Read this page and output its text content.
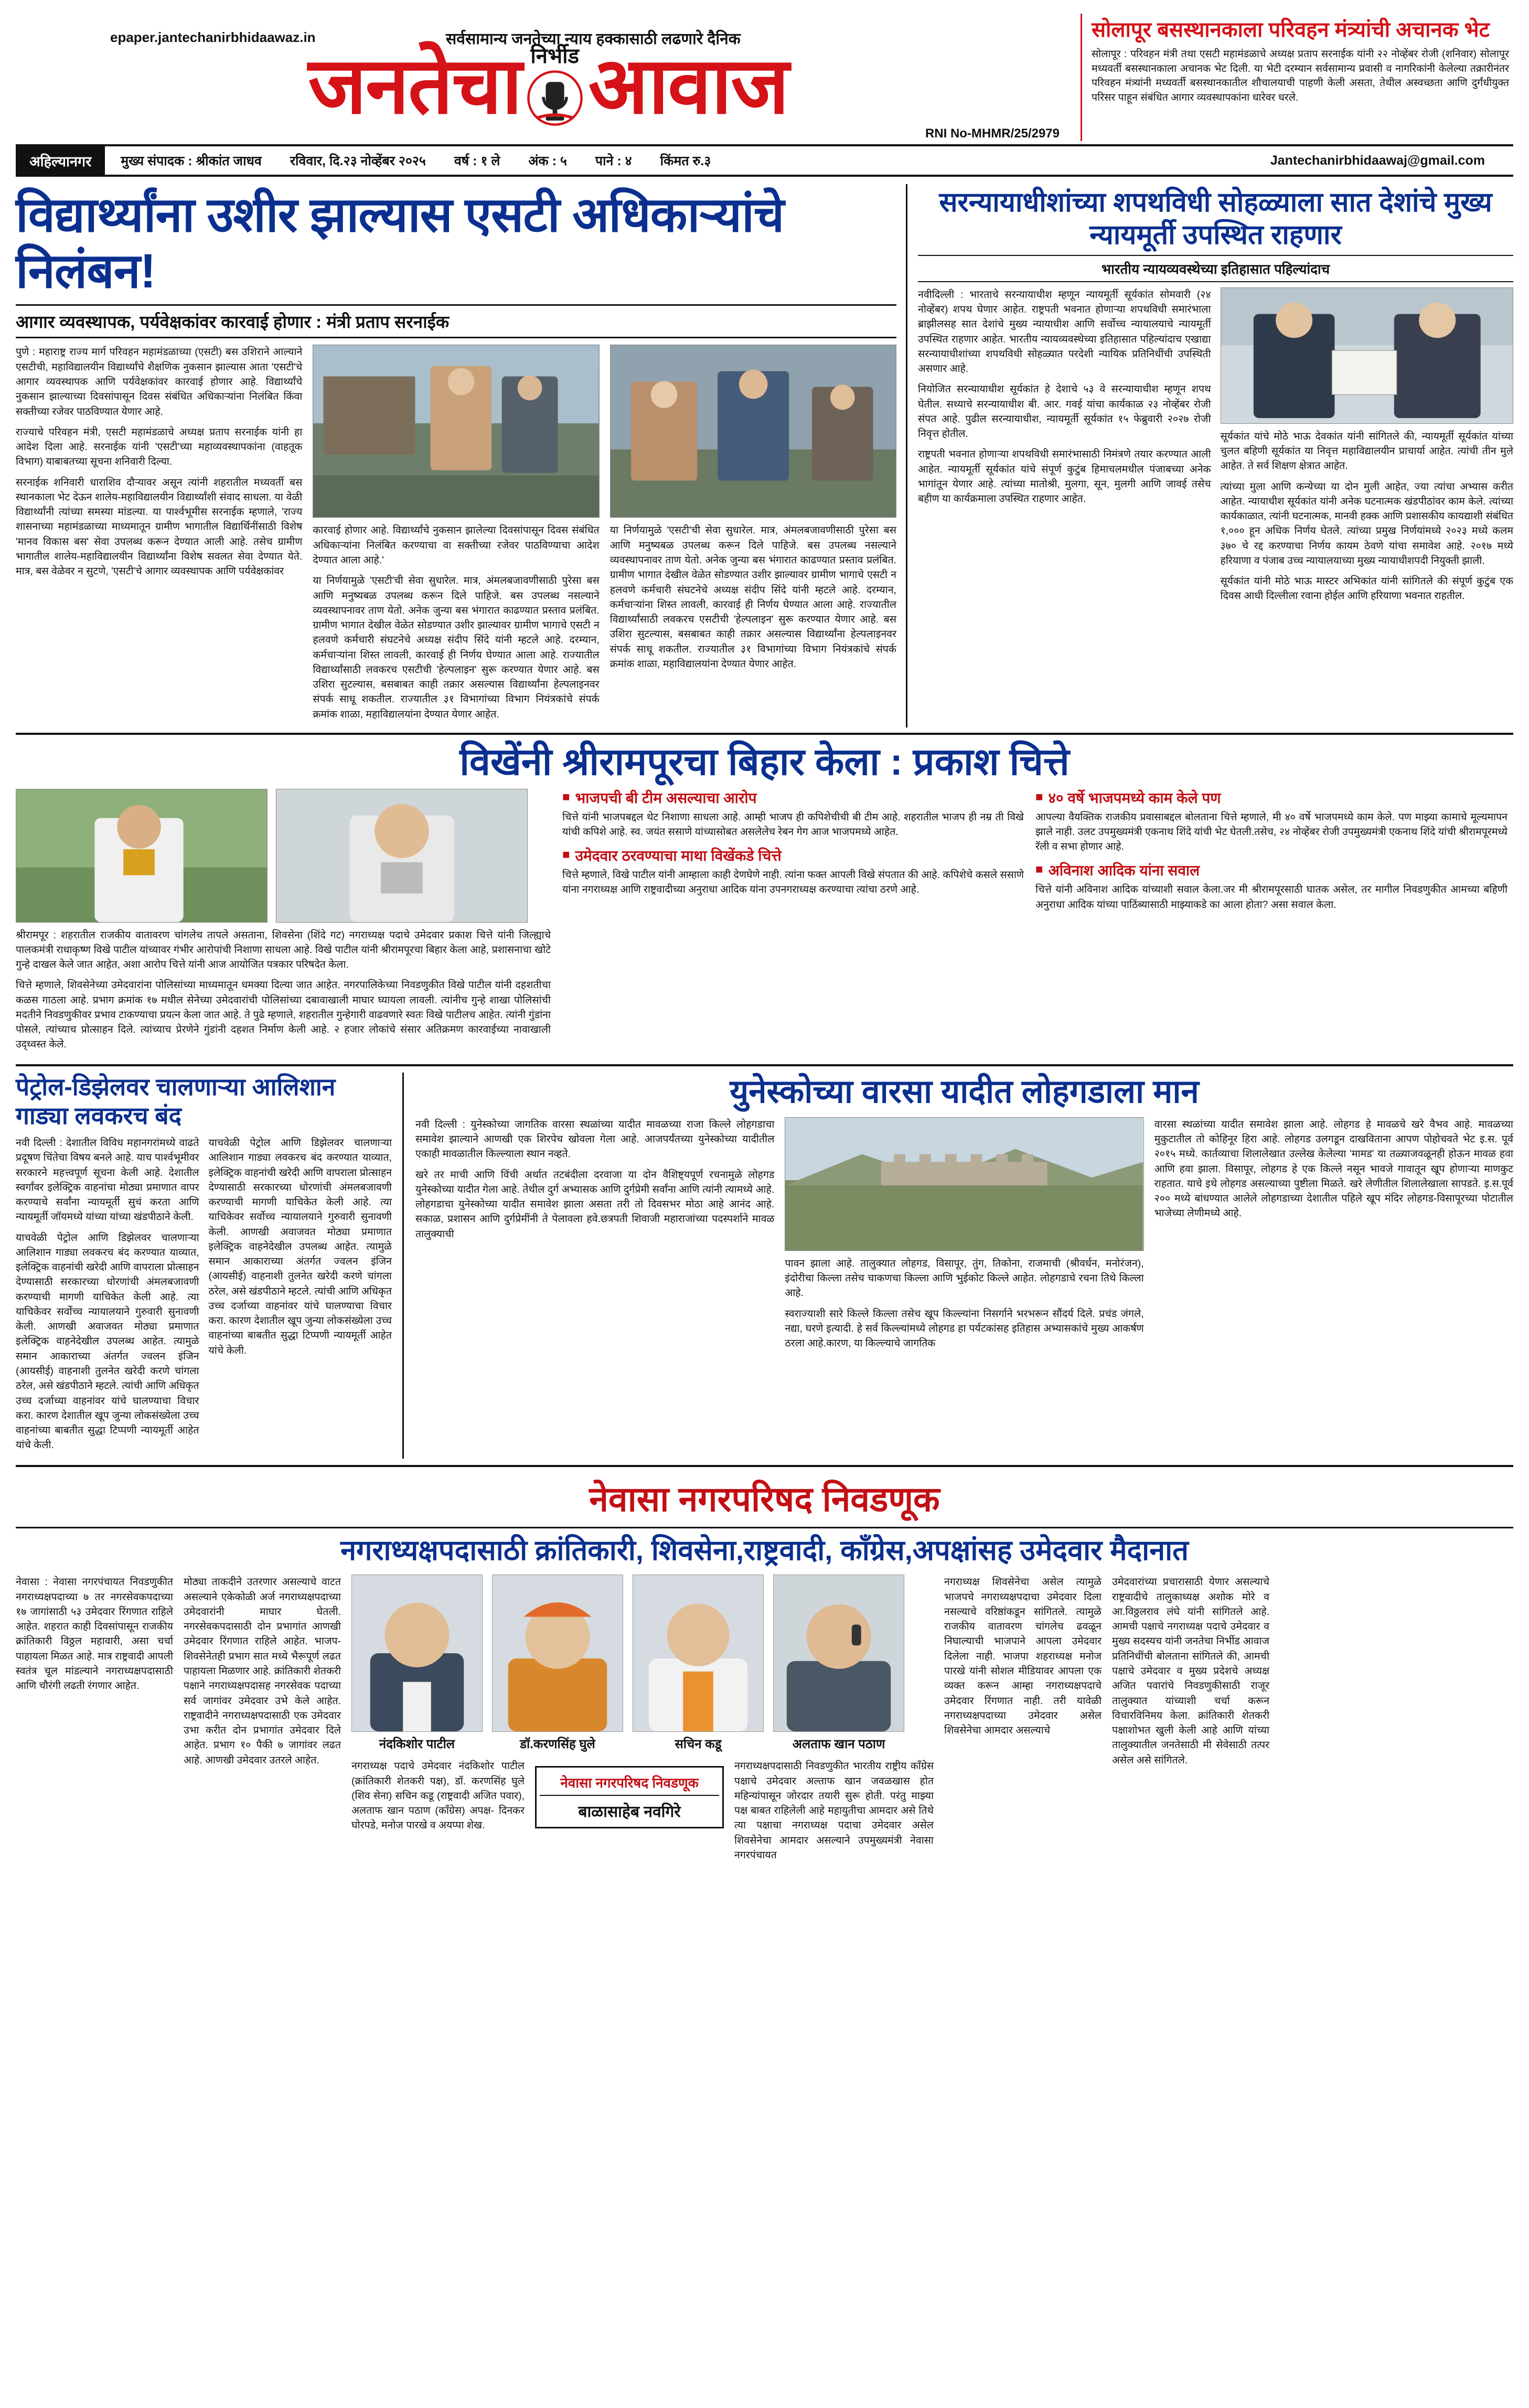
epaper.jantechanirbhidaawaz.in	सर्वसामान्य जनतेच्या न्याय हक्कासाठी लढणारे दैनिक
जनतेचा निर्भीड आवाज
RNI No-MHMR/25/2979
सोलापूर बसस्थानकाला परिवहन मंत्र्यांची अचानक भेट
सोलापूर : परिवहन मंत्री तथा एसटी महामंडळाचे अध्यक्ष प्रताप सरनाईक यांनी २२ नोव्हेंबर रोजी (शनिवार) सोलापूर मध्यवर्ती बसस्थानकाला अचानक भेट दिली. या भेटी दरम्यान सर्वसामान्य प्रवासी व नागरिकांनी केलेल्या तक्रारीनंतर परिवहन मंत्र्यांनी मध्यवर्ती बसस्थानकातील शौचालयाची पाहणी केली असता, तेथील अस्वच्छता आणि दुर्गंधीयुक्त परिसर पाहून संबंधित आगार व्यवस्थापकांना धारेवर धरले.
अहिल्यानगर	मुख्य संपादक : श्रीकांत जाधव रविवार, दि.२३ नोव्हेंबर २०२५ वर्ष : १ ले अंक : ५ पाने : ४ किंमत रु.३	Jantechanirbhidaawaj@gmail.com
विद्यार्थ्यांना उशीर झाल्यास एसटी अधिकाऱ्यांचे निलंबन!
आगार व्यवस्थापक, पर्यवेक्षकांवर कारवाई होणार : मंत्री प्रताप सरनाईक

पुणे : महाराष्ट्र राज्य मार्ग परिवहन महामंडळाच्या (एसटी) बस उशिराने आल्याने एसटीची, महाविद्यालयीन विद्यार्थ्यांचे शैक्षणिक नुकसान झाल्यास आता 'एसटी'चे आगार व्यवस्थापक आणि पर्यवेक्षकांवर कारवाई होणार आहे. विद्यार्थ्यांचे नुकसान झाल्याच्या दिवसांपासून दिवस संबंधित अधिकाऱ्यांना निलंबित किंवा सक्तीच्या रजेवर पाठविण्यात येणार आहे.

राज्याचे परिवहन मंत्री, एसटी महामंडळाचे अध्यक्ष प्रताप सरनाईक यांनी हा आदेश दिला आहे. सरनाईक यांनी 'एसटी'च्या महाव्यवस्थापकांना (वाहतूक विभाग) याबाबतच्या सूचना शनिवारी दिल्या.

सरनाईक शनिवारी धाराशिव दौऱ्यावर असून त्यांनी शहरातील मध्यवर्ती बस स्थानकाला भेट देऊन शालेय-महाविद्यालयीन विद्यार्थ्यांशी संवाद साधला. या वेळी विद्यार्थ्यांनी त्यांच्या समस्या मांडल्या. या पार्श्वभूमीस सरनाईक म्हणाले, 'राज्य शासनाच्या महामंडळाच्या माध्यमातून ग्रामीण भागातील विद्यार्थिनींसाठी विशेष 'मानव विकास बस' सेवा उपलब्ध करून देण्यात आली आहे. तसेच ग्रामीण भागातील शालेय-महाविद्यालयीन विद्यार्थ्यांना विशेष सवलत सेवा देण्यात येते. मात्र, बस वेळेवर न सुटणे, 'एसटी'चे आगार व्यवस्थापक आणि पर्यवेक्षकांवर

कारवाई होणार आहे. विद्यार्थ्यांचे नुकसान झालेल्या दिवसांपासून दिवस संबंधित अधिकाऱ्यांना निलंबित करण्याचा वा सक्तीच्या रजेवर पाठविण्याचा आदेश देण्यात आला आहे.'

या निर्णयामुळे 'एसटी'ची सेवा सुधारेल. मात्र, अंमलबजावणीसाठी पुरेसा बस आणि मनुष्यबळ उपलब्ध करून दिले पाहिजे. बस उपलब्ध नसल्याने व्यवस्थापनावर ताण येतो. अनेक जुन्या बस भंगारात काढण्यात प्रस्ताव प्रलंबित. ग्रामीण भागात देखील वेळेत सोडण्यात उशीर झाल्यावर ग्रामीण भागाचे एसटी न हलवणे कर्मचारी संघटनेचे अध्यक्ष संदीप सिंदे यांनी म्हटले आहे. दरम्यान, कर्मचाऱ्यांना शिस्त लावली, कारवाई ही निर्णय घेण्यात आला आहे. राज्यातील विद्यार्थ्यांसाठी लवकरच एसटीची 'हेल्पलाइन' सुरू करण्यात येणार आहे. बस उशिरा सुटल्यास, बसबाबत काही तक्रार असल्यास विद्यार्थ्यांना हेल्पलाइनवर संपर्क साधू शकतील. राज्यातील ३१ विभागांच्या विभाग नियंत्रकांचे संपर्क क्रमांक शाळा, महाविद्यालयांना देण्यात येणार आहेत.

या निर्णयामुळे 'एसटी'ची सेवा सुधारेल. मात्र, अंमलबजावणीसाठी पुरेसा बस आणि मनुष्यबळ उपलब्ध करून दिले पाहिजे. बस उपलब्ध नसल्याने व्यवस्थापनावर ताण येतो. अनेक जुन्या बस भंगारात काढण्यात प्रस्ताव प्रलंबित. ग्रामीण भागात देखील वेळेत सोडण्यात उशीर झाल्यावर ग्रामीण भागाचे एसटी न हलवणे कर्मचारी संघटनेचे अध्यक्ष संदीप सिंदे यांनी म्हटले आहे. दरम्यान, कर्मचाऱ्यांना शिस्त लावली, कारवाई ही निर्णय घेण्यात आला आहे. राज्यातील विद्यार्थ्यांसाठी लवकरच एसटीची 'हेल्पलाइन' सुरू करण्यात येणार आहे. बस उशिरा सुटल्यास, बसबाबत काही तक्रार असल्यास विद्यार्थ्यांना हेल्पलाइनवर संपर्क साधू शकतील. राज्यातील ३१ विभागांच्या विभाग नियंत्रकांचे संपर्क क्रमांक शाळा, महाविद्यालयांना देण्यात येणार आहेत.

सरन्यायाधीशांच्या शपथविधी सोहळ्याला सात देशांचे मुख्य न्यायमूर्ती उपस्थित राहणार
भारतीय न्यायव्यवस्थेच्या इतिहासात पहिल्यांदाच

नवीदिल्ली : भारताचे सरन्यायाधीश म्हणून न्यायमूर्ती सूर्यकांत सोमवारी (२४ नोव्हेंबर) शपथ घेणार आहेत. राष्ट्रपती भवनात होणाऱ्या शपथविधी समारंभाला ब्राझीलसह सात देशांचे मुख्य न्यायाधीश आणि सर्वोच्च न्यायालयाचे न्यायमूर्ती उपस्थित राहणार आहेत. भारतीय न्यायव्यवस्थेच्या इतिहासात पहिल्यांदाच एखाद्या सरन्यायाधीशांच्या शपथविधी सोहळ्यात परदेशी न्यायिक प्रतिनिधींची उपस्थिती असणार आहे.

नियोजित सरन्यायाधीश सूर्यकांत हे देशाचे ५३ वे सरन्यायाधीश म्हणून शपथ घेतील. सध्याचे सरन्यायाधीश बी. आर. गवई यांचा कार्यकाळ २३ नोव्हेंबर रोजी संपत आहे. पुढील सरन्यायाधीश, न्यायमूर्ती सूर्यकांत १५ फेब्रुवारी २०२७ रोजी निवृत्त होतील.

राष्ट्रपती भवनात होणाऱ्या शपथविधी समारंभासाठी निमंत्रणे तयार करण्यात आली आहेत. न्यायमूर्ती सूर्यकांत यांचे संपूर्ण कुटुंब हिमाचलमधील पंजाबच्या अनेक भागांतून येणार आहे. त्यांच्या मातोश्री, मुलगा, सून, मुलगी आणि जावई तसेच बहीण या कार्यक्रमाला उपस्थित राहणार आहेत.

सूर्यकांत यांचे मोठे भाऊ देवकांत यांनी सांगितले की, न्यायमूर्ती सूर्यकांत यांच्या चुलत बहिणी सूर्यकांत या निवृत्त महाविद्यालयीन प्राचार्या आहेत. त्यांची तीन मुले आहेत. ते सर्व शिक्षण क्षेत्रात आहेत.

त्यांच्या मुला आणि कन्येच्या या दोन मुली आहेत, ज्या त्यांचा अभ्यास करीत आहेत. न्यायाधीश सूर्यकांत यांनी अनेक घटनात्मक खंडपीठांवर काम केले. त्यांच्या कार्यकाळात, त्यांनी घटनात्मक, मानवी हक्क आणि प्रशासकीय कायद्याशी संबंधित १,००० हून अधिक निर्णय घेतले. त्यांच्या प्रमुख निर्णयांमध्ये २०२३ मध्ये कलम ३७० चे रद्द करण्याचा निर्णय कायम ठेवणे यांचा समावेश आहे. २०१७ मध्ये हरियाणा व पंजाब उच्च न्यायालयाच्या मुख्य न्यायाधीशपदी नियुक्ती झाली.

सूर्यकांत यांनी मोठे भाऊ मास्टर अभिकांत यांनी सांगितले की संपूर्ण कुटुंब एक दिवस आधी दिल्लीला रवाना होईल आणि हरियाणा भवनात राहतील.

विखेंनी श्रीरामपूरचा बिहार केला : प्रकाश चित्ते

श्रीरामपूर : शहरातील राजकीय वातावरण चांगलेच तापले असताना, शिवसेना (शिंदे गट) नगराध्यक्ष पदाचे उमेदवार प्रकाश चित्ते यांनी जिल्ह्याचे पालकमंत्री राधाकृष्ण विखे पाटील यांच्यावर गंभीर आरोपांची निशाणा साधला आहे. विखे पाटील यांनी श्रीरामपूरचा बिहार केला आहे, प्रशासनाचा खोटे गुन्हे दाखल केले जात आहेत, अशा आरोप चित्ते यांनी आज आयोजित पत्रकार परिषदेत केला.

चित्ते म्हणाले, शिवसेनेच्या उमेदवारांना पोलिसांच्या माध्यमातून धमक्या दिल्या जात आहेत. नगरपालिकेच्या निवडणुकीत विखे पाटील यांनी दहशतीचा कळस गाठला आहे. प्रभाग क्रमांक १७ मधील सेनेच्या उमेदवारांची पोलिसांच्या दबावाखाली माघार घ्यायला लावली. त्यांनीच गुन्हे शाखा पोलिसांची मदतीने निवडणुकीवर प्रभाव टाकण्याचा प्रयत्न केला जात आहे. ते पुढे म्हणाले, शहरातील गुन्हेगारी वाढवणारे स्वतः विखे पाटीलच आहेत. त्यांनी गुंडांना पोसले, त्यांच्याच प्रोत्साहन दिले. त्यांच्याच प्रेरणेने गुंडांनी दहशत निर्माण केली आहे. २ हजार लोकांचे संसार अतिक्रमण कारवाईच्या नावाखाली उद्ध्वस्त केले.

■ भाजपची बी टीम असल्याचा आरोप
चित्ते यांनी भाजपबद्दल थेट निशाणा साधला आहे. आम्ही भाजप ही कपिशेचीची बी टीम आहे. शहरातील भाजप ही नम्र ती विखे यांची कपिशे आहे. स्व. जयंत ससाणे यांच्यासोबत असलेलेच रेबन गेग आज भाजपमध्ये आहेत.
■ उमेदवार ठरवण्याचा माथा विखेंकडे चित्ते
चित्ते म्हणाले, विखे पाटील यांनी आम्हाला काही देणघेणे नाही. त्यांना फक्त आपली विखे संपतात की आहे. कपिशेचे कसले ससाणे यांना नगराध्यक्ष आणि राष्ट्रवादीच्या अनुराधा आदिक यांना उपनगराध्यक्ष करण्याचा त्यांचा ठरणे आहे.
■ ४० वर्षे भाजपमध्ये काम केले पण
आपल्या वैयक्तिक राजकीय प्रवासाबद्दल बोलताना चित्ते म्हणाले, मी ४० वर्षे भाजपमध्ये काम केले. पण माझ्या कामाचे मूल्यमापन झाले नाही. उलट उपमुख्यमंत्री एकनाथ शिंदे यांची भेट घेतली.तसेच, २४ नोव्हेंबर रोजी उपमुख्यमंत्री एकनाथ शिंदे यांची श्रीरामपूरमध्ये रॅली व सभा होणार आहे.
■ अविनाश आदिक यांना सवाल
चित्ते यांनी अविनाश आदिक यांच्याशी सवाल केला.जर मी श्रीरामपूरसाठी घातक असेल, तर मागील निवडणुकीत आमच्या बहिणी अनुराधा आदिक यांच्या पाठिंब्यासाठी माझ्याकडे का आला होता? असा सवाल केला.
पेट्रोल-डिझेलवर चालणाऱ्या आलिशान गाड्या लवकरच बंद

नवी दिल्ली : देशातील विविध महानगरांमध्ये वाढते प्रदूषण चिंतेचा विषय बनले आहे. याच पार्श्वभूमीवर सरकारने महत्त्वपूर्ण सूचना केली आहे. देशातील स्वर्गांवर इलेक्ट्रिक वाहनांचा मोठ्या प्रमाणात वापर करण्याचे सर्वांना न्यायमूर्ती सुचं करता आणि न्यायमूर्ती जॉयमध्ये यांच्या यांच्या खंडपीठाने केली.

याचवेळी पेट्रोल आणि डिझेलवर चालणाऱ्या आलिशान गाड्या लवकरच बंद करण्यात याव्यात, इलेक्ट्रिक वाहनांची खरेदी आणि वापराला प्रोत्साहन देण्यासाठी सरकारच्या धोरणांची अंमलबजावणी करण्याची मागणी याचिकेत केली आहे. त्या याचिकेवर सर्वोच्च न्यायालयाने गुरुवारी सुनावणी केली. आणखी अवाजवत मोठ्या प्रमाणात इलेक्ट्रिक वाहनेदेखील उपलब्ध आहेत. त्यामुळे समान आकाराच्या अंतर्गत ज्वलन इंजिन (आयसीई) वाहनाशी तुलनेत खरेदी करणे चांगला ठरेल, असे खंडपीठाने म्हटले. त्यांची आणि अधिकृत उच्च दर्जाच्या वाहनांवर यांचे घालण्याचा विचार करा. कारण देशातील खूप जुन्या लोकसंख्येला उच्च वाहनांच्या बाबतीत सुद्धा टिप्पणी न्यायमूर्ती आहेत यांचे केली.

याचवेळी पेट्रोल आणि डिझेलवर चालणाऱ्या आलिशान गाड्या लवकरच बंद करण्यात याव्यात, इलेक्ट्रिक वाहनांची खरेदी आणि वापराला प्रोत्साहन देण्यासाठी सरकारच्या धोरणांची अंमलबजावणी करण्याची मागणी याचिकेत केली आहे. त्या याचिकेवर सर्वोच्च न्यायालयाने गुरुवारी सुनावणी केली. आणखी अवाजवत मोठ्या प्रमाणात इलेक्ट्रिक वाहनेदेखील उपलब्ध आहेत. त्यामुळे समान आकाराच्या अंतर्गत ज्वलन इंजिन (आयसीई) वाहनाशी तुलनेत खरेदी करणे चांगला ठरेल, असे खंडपीठाने म्हटले. त्यांची आणि अधिकृत उच्च दर्जाच्या वाहनांवर यांचे घालण्याचा विचार करा. कारण देशातील खूप जुन्या लोकसंख्येला उच्च वाहनांच्या बाबतीत सुद्धा टिप्पणी न्यायमूर्ती आहेत यांचे केली.

युनेस्कोच्या वारसा यादीत लोहगडाला मान

नवी दिल्ली : युनेस्कोच्या जागतिक वारसा स्थळांच्या यादीत मावळच्या राजा किल्ले लोहगडाचा समावेश झाल्याने आणखी एक शिरपेच खोवला गेला आहे. आजपर्यंतच्या युनेस्कोच्या यादीतील एकाही मावळातील किल्ल्याला स्थान नव्हते.

खरे तर माची आणि विंची अर्थात तटबंदीला दरवाजा या दोन वैशिष्ट्यपूर्ण रचनामुळे लोहगड युनेस्कोच्या यादीत गेला आहे. तेथील दुर्ग अभ्यासक आणि दुर्गप्रेमी सर्वांना आणि त्यांनी त्यामध्ये आहे. लोहगडाचा युनेस्कोच्या यादीत समावेश झाला असता तरी तो दिवसभर मोठा आहे आनंद आहे. सकाळ, प्रशासन आणि दुर्गप्रेमींनी ते पेलावला हवे.छत्रपती शिवाजी महाराजांच्या पदस्पर्शाने मावळ तालुक्याची

पावन झाला आहे. तालुक्यात लोहगड, विसापूर, तुंग, तिकोना, राजमाची (श्रीवर्धन, मनोरंजन), इंदोरीचा किल्ला तसेच चाकणचा किल्ला आणि भुईकोट किल्ले आहेत. लोहगडाचे रचना तिथे किल्ला आहे.

स्वराज्याशी सारे किल्ले किल्ला तसेच खूप किल्ल्यांना निसर्गाने भरभरून सौंदर्य दिले. प्रचंड जंगले, नद्या, घरणे इत्यादी. हे सर्व किल्ल्यांमध्ये लोहगड हा पर्यटकांसह इतिहास अभ्यासकांचे मुख्य आकर्षण ठरला आहे.कारण, या किल्ल्याचे जागतिक

वारसा स्थळांच्या यादीत समावेश झाला आहे. लोहगड हे मावळचे खरे वैभव आहे. मावळच्या मुकुटातील तो कोहिनूर हिरा आहे. लोहगड उलगडून दाखविताना आपण पोहोचवते भेट इ.स. पूर्व २०१५ मध्ये. कार्तव्याचा शिलालेखात उल्लेख केलेल्या 'मामड' या तळ्याजवळूनही होऊन मावळ हवा आणि हवा झाला. विसापूर, लोहगड हे एक किल्ले नसून भावजे गावातून खूप होणाऱ्या माणकुट राहतात. याचे इथे लोहगड असल्याच्या पुष्टीला मिळते. खरे लेणीतील शिलालेखाला सापडते. इ.स.पूर्व २०० मध्ये बांधण्यात आलेले लोहगडाच्या देशातील पहिले खूप मंदिर लोहगड-विसापूरच्या पोटातील भाजेच्या लेणीमध्ये आहे.

नेवासा नगरपरिषद निवडणूक
नगराध्यक्षपदासाठी क्रांतिकारी, शिवसेना,राष्ट्रवादी, काँग्रेस,अपक्षांसह उमेदवार मैदानात

नेवासा : नेवासा नगरपंचायत निवडणुकीत नगराध्यक्षपदाच्या ७ तर नगरसेवकपदाच्या १७ जागांसाठी ५३ उमेदवार रिंगणात राहिले आहेत. शहरात काही दिवसांपासून राजकीय क्रांतिकारी विठ्ठल महावारी, असा चर्चा पाहायला मिळत आहे. मात्र राष्ट्रवादी आपली स्वतंत्र चूल मांडल्याने नगराध्यक्षपदासाठी आणि चौरंगी लढती रंगणार आहेत.

मोठ्या ताकदीने उतरणार असल्याचे वाटत असल्याने एकेकोळी अर्ज नगराध्यक्षपदाच्या उमेदवारांनी माघार घेतली. नगरसेवकपदासाठी दोन प्रभागांत आणखी उमेदवार रिंगणात राहिले आहेत. भाजप-शिवसेनेतही प्रभाग सात मध्ये भैरूपूर्ण लढत पाहायला मिळणार आहे. क्रांतिकारी शेतकरी पक्षाने नगराध्यक्षपदासह नगरसेवक पदाच्या सर्व जागांवर उमेदवार उभे केले आहेत. राष्ट्रवादीने नगराध्यक्षपदासाठी एक उमेदवार उभा करीत दोन प्रभागांत उमेदवार दिले आहेत. प्रभाग १० पैकी ७ जागांवर लढत आहे. आणखी उमेदवार उतरले आहेत.

नंदकिशोर पाटील	डॉ.करणसिंह घुले	सचिन कडू	अलताफ खान पठाण
नगराध्यक्ष पदाचे उमेदवार नंदकिशोर पाटील (क्रांतिकारी शेतकरी पक्ष), डॉ. करणसिंह घुले (शिव सेना) सचिन कडू (राष्ट्रवादी अजित पवार), अलताफ खान पठाण (काँग्रेस) अपक्ष- दिनकर घोरपडे, मनोज पारखे व अयप्पा शेख.
नेवासा नगरपरिषद निवडणूक
बाळासाहेब नवगिरे
नगराध्यक्षपदासाठी निवडणुकीत भारतीय राष्ट्रीय काँग्रेस पक्षाचे उमेदवार अल्ताफ खान जवळखास होत महिन्यांपासून जोरदार तयारी सुरू होती. परंतु माझ्या पक्ष बाबत राहिलेली आहे महायुतीचा आमदार असे तिथे त्या पक्षाचा नगराध्यक्ष पदाचा उमेदवार असेल शिवसेनेचा आमदार असल्याने उपमुख्यमंत्री नेवासा नगरपंचायत

नगराध्यक्ष शिवसेनेचा असेल त्यामुळे भाजपचे नगराध्यक्षपदाचा उमेदवार दिला नसल्याचे वरिष्ठांकडून सांगितले. त्यामुळे राजकीय वातावरण चांगलेच ढवळून निघाल्याची भाजपाने आपला उमेदवार दिलेला नाही. भाजपा शहराध्यक्ष मनोज पारखे यांनी सोशल मीडियावर आपला एक व्यक्त करून आम्हा नगराध्यक्षपदाचे उमेदवार रिंगणात नाही. तरी यावेळी नगराध्यक्षपदाच्या उमेदवार असेल शिवसेनेचा आमदार असल्याचे

उमेदवारांच्या प्रचारासाठी येणार असल्याचे राष्ट्रवादीचे तालुकाध्यक्ष अशोक मोरे व आ.विठ्ठलराव लंघे यांनी सांगितले आहे. आमची पक्षाचे नगराध्यक्ष पदाचे उमेदवार व मुख्य सदस्यच यांनी जनतेचा निर्भीड आवाज प्रतिनिधींची बोलताना सांगितले की, आमची पक्षाचे उमेदवार व मुख्य प्रदेशचे अध्यक्ष अजित पवारांचे निवडणुकीसाठी राजूर तालुक्यात यांच्याशी चर्चा करून विचारविनिमय केला. क्रांतिकारी शेतकरी पक्षाशोभत खुली केली आहे आणि यांच्या तालुक्यातील जनतेसाठी मी सेवेसाठी तत्पर असेल असे सांगितले.
